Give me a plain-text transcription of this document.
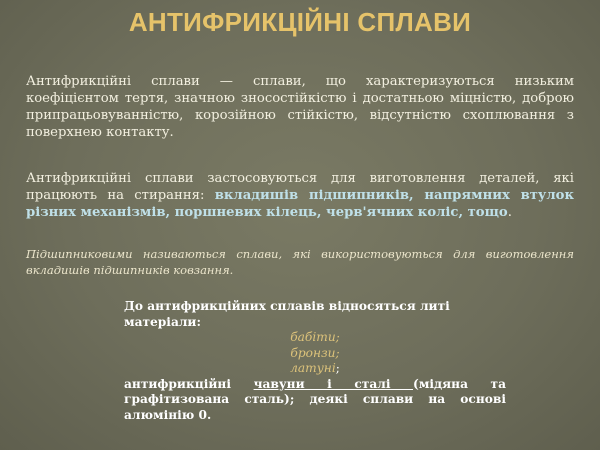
АНТИФРИКЦІЙНІ СПЛАВИ

Антифрикційні сплави — сплави, що характеризуються низьким коефіцієнтом тертя, значною зносостійкістю і достатньою міцністю, доброю припрацьовуванністю, корозійною стійкістю, відсутністю схоплювання з поверхнею контакту.

Антифрикційні сплави застосовуються для виготовлення деталей, які працюють на стирання: вкладишів підшипників, напрямних втулок різних механізмів, поршневих кілець, черв'ячних коліс, тощо.

Підшипниковими називаються сплави, які використовуються для виготовлення вкладишів підшипників ковзання.

До антифрикційних сплавів відносяться литі матеріали:
бабіти;
бронзи;
латуні;
антифрикційні чавуни і сталі (мідяна та графітизована сталь); деякі сплави на основі алюмінію 0.
